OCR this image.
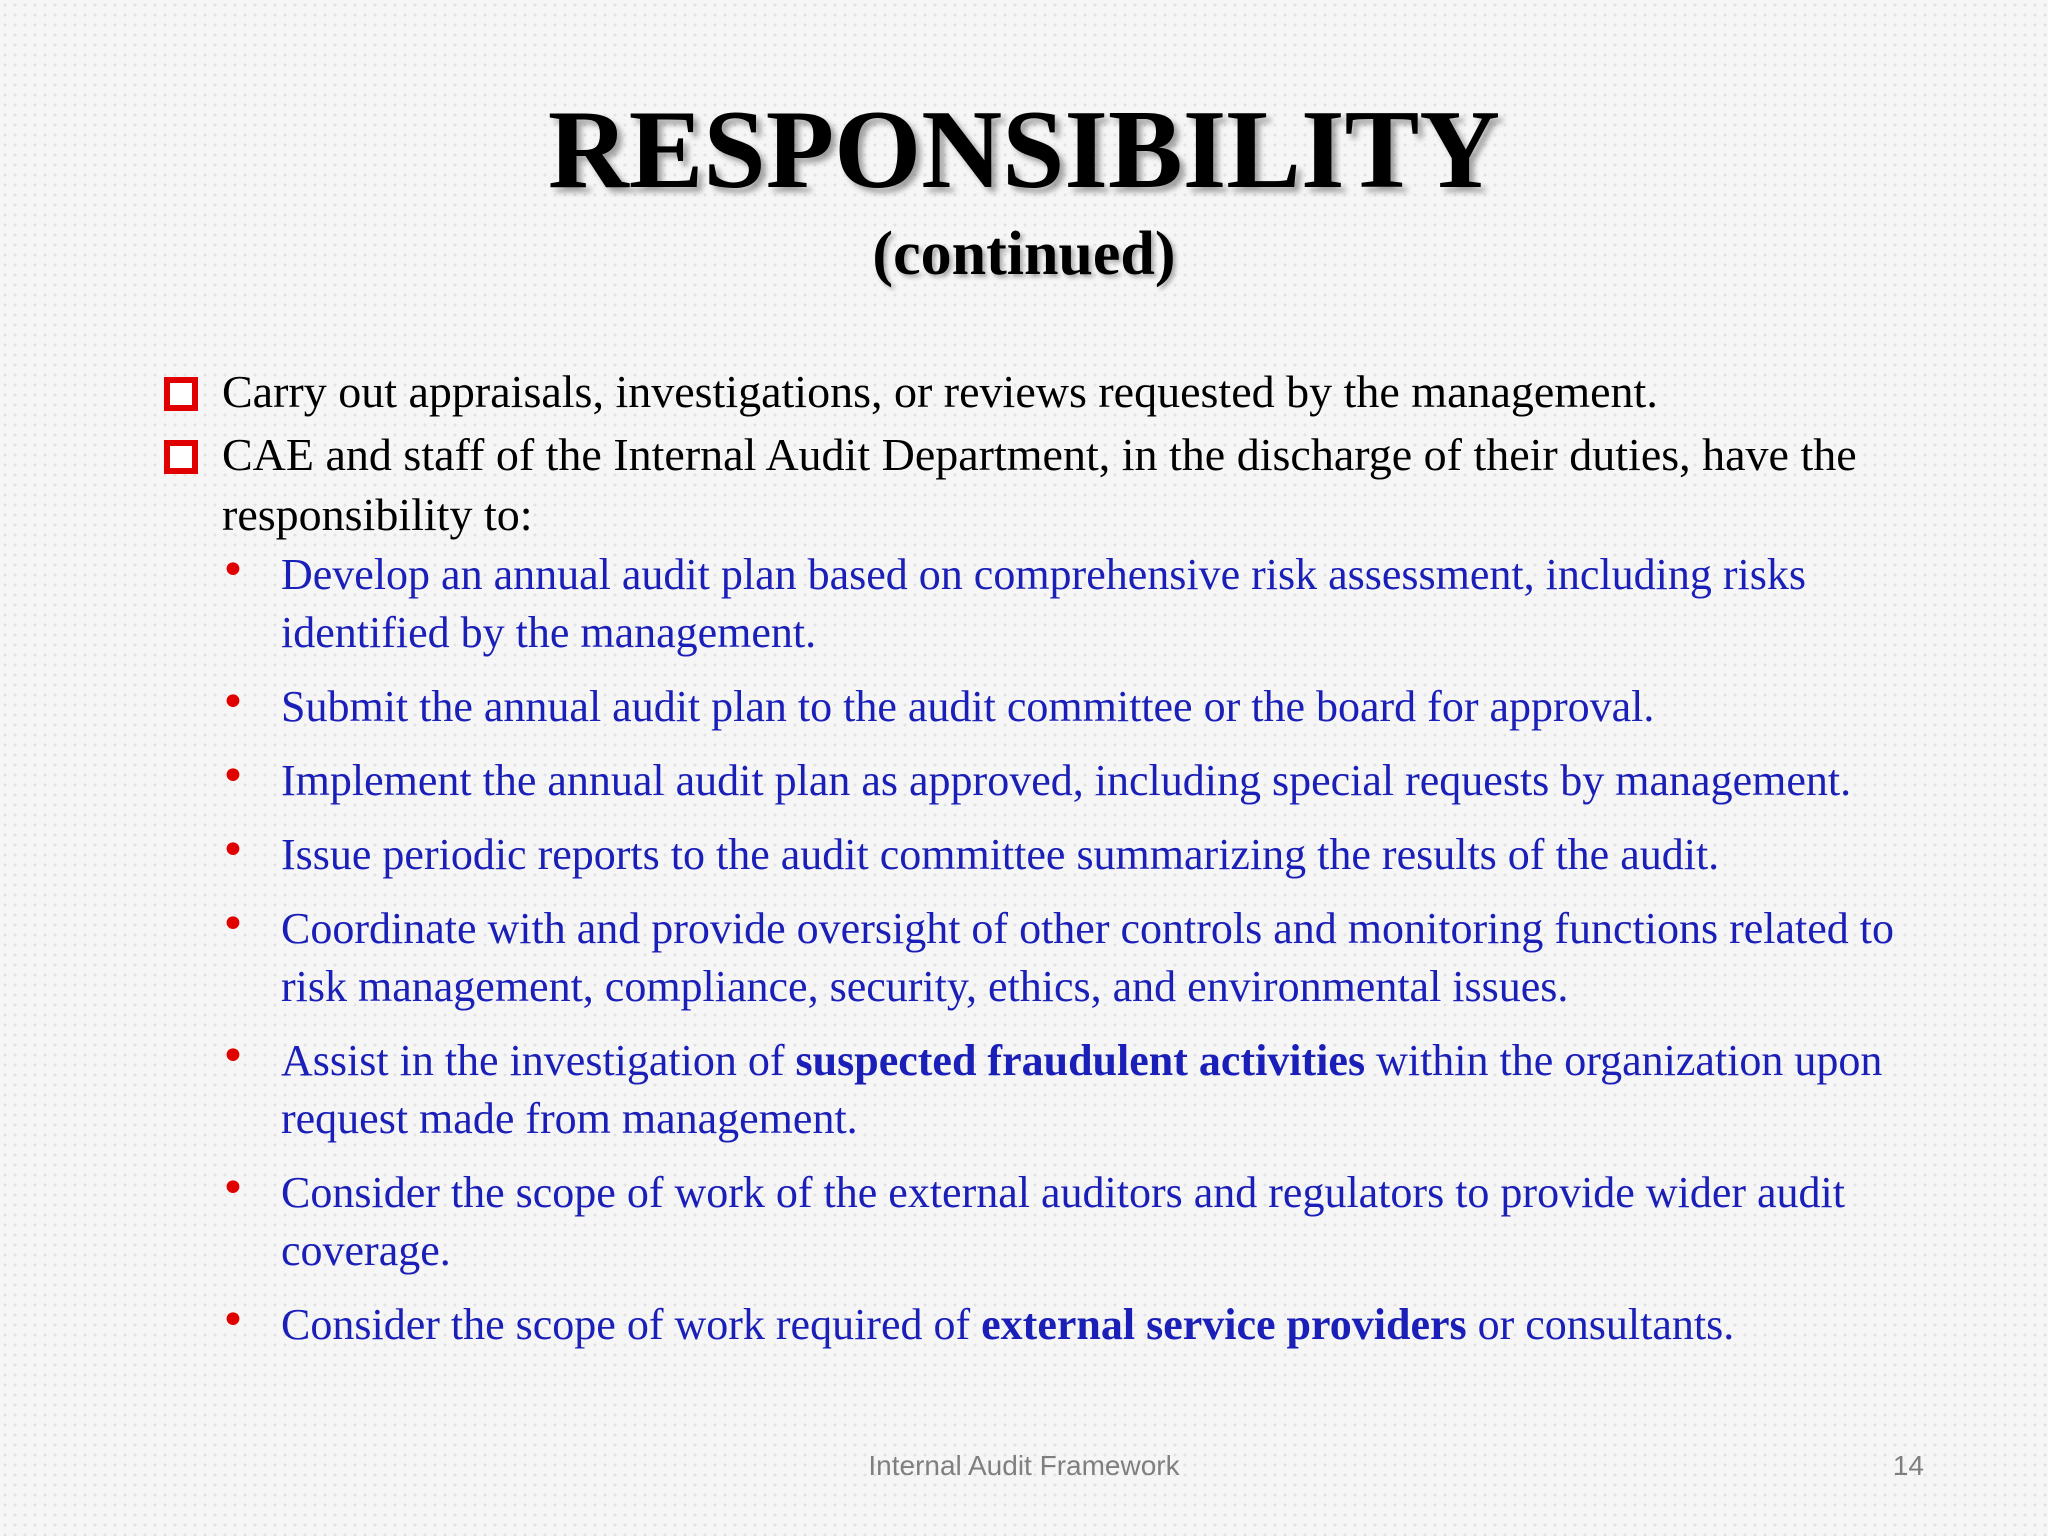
RESPONSIBILITY
(continued)
Carry out appraisals, investigations, or reviews requested by the management.
CAE and staff of the Internal Audit Department, in the discharge of their duties, have the responsibility to:
• Develop an annual audit plan based on comprehensive risk assessment, including risks identified by the management.
• Submit the annual audit plan to the audit committee or the board for approval.
• Implement the annual audit plan as approved, including special requests by management.
• Issue periodic reports to the audit committee summarizing the results of the audit.
• Coordinate with and provide oversight of other controls and monitoring functions related to risk management, compliance, security, ethics, and environmental issues.
• Assist in the investigation of suspected fraudulent activities within the organization upon request made from management.
• Consider the scope of work of the external auditors and regulators to provide wider audit coverage.
• Consider the scope of work required of external service providers or consultants.
Internal Audit Framework	14
